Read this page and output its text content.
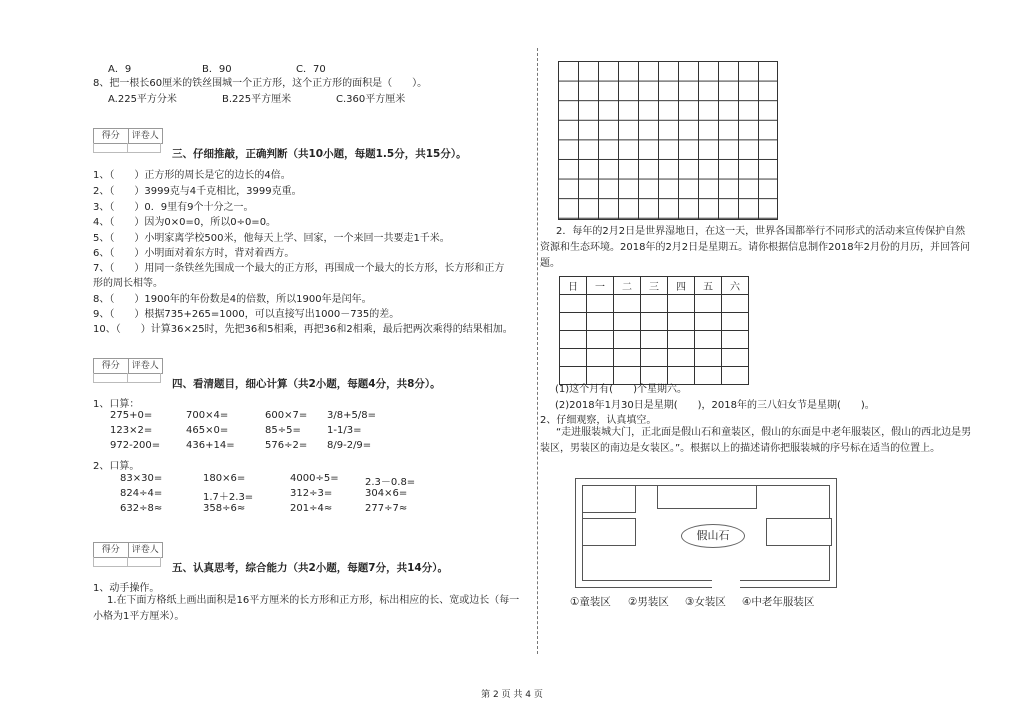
A．9	B．90	C．70
8、把一根长60厘米的铁丝围城一个正方形，这个正方形的面积是（　　）。
A.225平方分米	B.225平方厘米	C.360平方厘米
得分	评卷人
三、仔细推敲，正确判断（共10小题，每题1.5分，共15分）。
1、（　　）正方形的周长是它的边长的4倍。
2、（　　）3999克与4千克相比，3999克重。
3、（　　）0．9里有9个十分之一。
4、（　　）因为0×0=0，所以0÷0=0。
5、（　　）小明家离学校500米，他每天上学、回家，一个来回一共要走1千米。
6、（　　）小明面对着东方时，背对着西方。
7、（　　）用同一条铁丝先围成一个最大的正方形，再围成一个最大的长方形，长方形和正方
形的周长相等。
8、（　　）1900年的年份数是4的倍数，所以1900年是闰年。
9、（　　）根据735+265=1000，可以直接写出1000－735的差。
10、（　　）计算36×25时，先把36和5相乘，再把36和2相乘，最后把两次乘得的结果相加。
得分	评卷人
四、看清题目，细心计算（共2小题，每题4分，共8分）。
1、口算：
275+0=	700×4=	600×7= 3/8+5/8=
123×2=	465×0=	85÷5=	1-1/3=
972-200=	436+14=	576÷2= 8/9-2/9=
2、口算。
83×30=	180×6=	4000÷5=	2.3－0.8=
824÷4=	1.7＋2.3=	312÷3=	304×6=
632÷8≈	358÷6≈	201÷4≈	277÷7≈
得分	评卷人
五、认真思考，综合能力（共2小题，每题7分，共14分）。
1、动手操作。
1.在下面方格纸上画出面积是16平方厘米的长方形和正方形，标出相应的长、宽或边长（每一小格为1平方厘米）。
2．每年的2月2日是世界湿地日，在这一天，世界各国都举行不同形式的活动来宣传保护自然资源和生态环境。2018年的2月2日是星期五。请你根据信息制作2018年2月份的月历，并回答问题。
日	一	二	三	四	五	六

(1)这个月有(　　)个星期六。
(2)2018年1月30日是星期(　　)，2018年的三八妇女节是星期(　　)。
2、仔细观察，认真填空。
“走进服装城大门，正北面是假山石和童装区，假山的东面是中老年服装区，假山的西北边是男装区，男装区的南边是女装区。”。根据以上的描述请你把服装城的序号标在适当的位置上。
假山石
①童装区 ②男装区 ③女装区 ④中老年服装区
第 2 页 共 4 页
